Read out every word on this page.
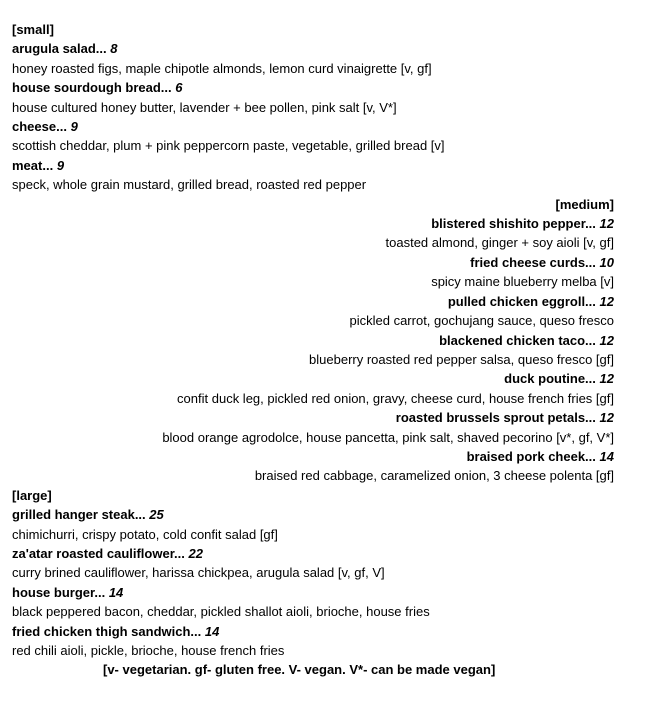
[small]
arugula salad... 8
honey roasted figs, maple chipotle almonds, lemon curd vinaigrette [v, gf]
house sourdough bread... 6
house cultured honey butter, lavender + bee pollen, pink salt [v, V*]
cheese... 9
scottish cheddar, plum + pink peppercorn paste, vegetable, grilled bread [v]
meat... 9
speck, whole grain mustard, grilled bread, roasted red pepper
[medium]
blistered shishito pepper... 12
toasted almond, ginger + soy aioli [v, gf]
fried cheese curds... 10
spicy maine blueberry melba [v]
pulled chicken eggroll... 12
pickled carrot, gochujang sauce, queso fresco
blackened chicken taco... 12
blueberry roasted red pepper salsa, queso fresco [gf]
duck poutine... 12
confit duck leg, pickled red onion, gravy, cheese curd, house french fries [gf]
roasted brussels sprout petals... 12
blood orange agrodolce, house pancetta, pink salt, shaved pecorino [v*, gf, V*]
braised pork cheek... 14
braised red cabbage, caramelized onion, 3 cheese polenta [gf]
[large]
grilled hanger steak... 25
chimichurri, crispy potato, cold confit salad [gf]
za'atar roasted cauliflower... 22
curry brined cauliflower, harissa chickpea, arugula salad [v, gf, V]
house burger... 14
black peppered bacon, cheddar, pickled shallot aioli, brioche, house fries
fried chicken thigh sandwich... 14
red chili aioli, pickle, brioche, house french fries
[v- vegetarian. gf- gluten free. V- vegan. V*- can be made vegan]
